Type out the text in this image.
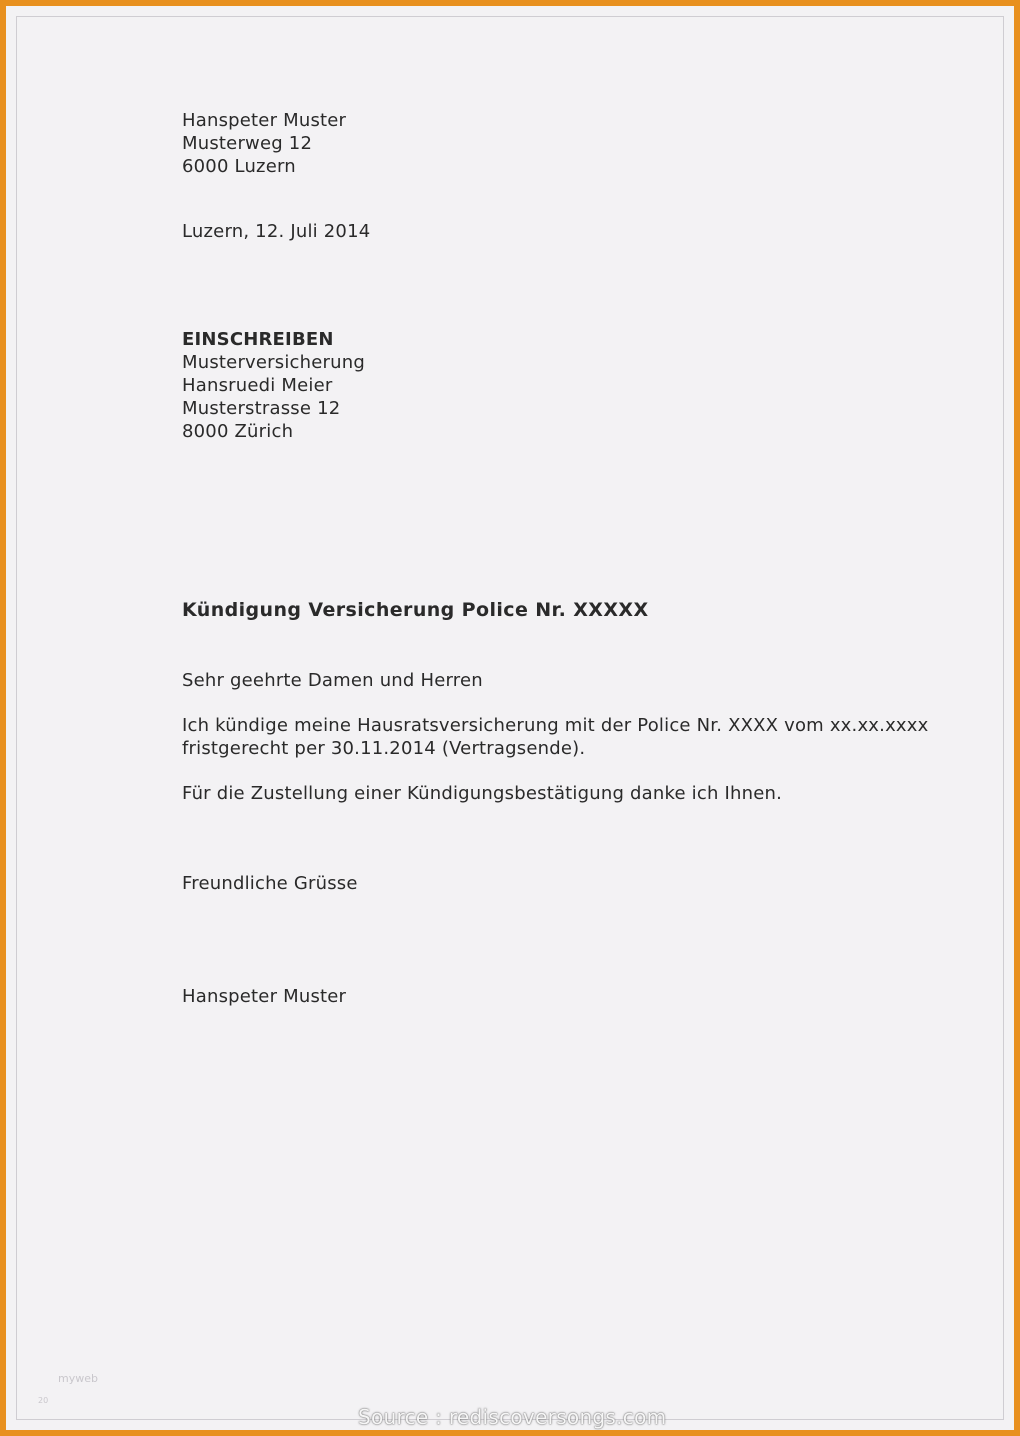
Hanspeter Muster
Musterweg 12
6000 Luzern
Luzern, 12. Juli 2014
EINSCHREIBEN
Musterversicherung
Hansruedi Meier
Musterstrasse 12
8000 Zürich
Kündigung Versicherung Police Nr. XXXXX
Sehr geehrte Damen und Herren
Ich kündige meine Hausratsversicherung mit der Police Nr. XXXX vom xx.xx.xxxx
fristgerecht per 30.11.2014 (Vertragsende).
Für die Zustellung einer Kündigungsbestätigung danke ich Ihnen.
Freundliche Grüsse
Hanspeter Muster
myweb
20
Source : rediscoversongs.com
